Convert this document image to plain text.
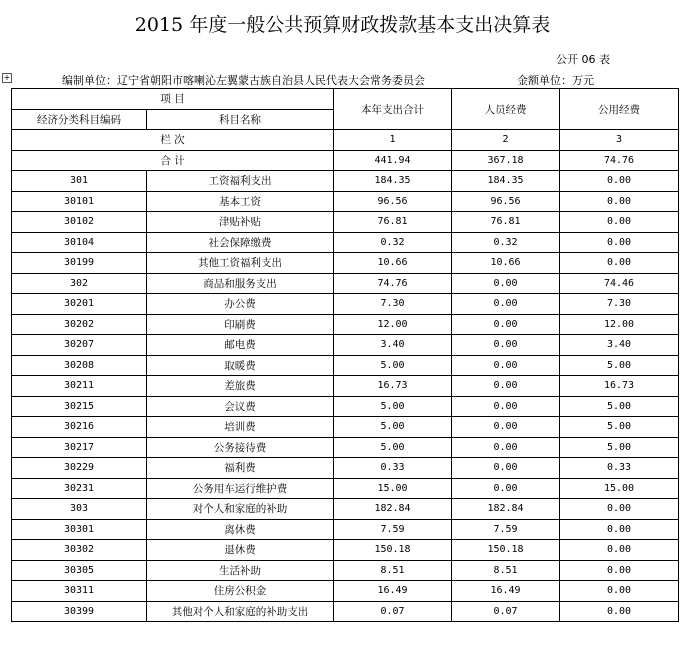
2015 年度一般公共预算财政拨款基本支出决算表
公开 06 表
+	编制单位：辽宁省朝阳市喀喇沁左翼蒙古族自治县人民代表大会常务委员会	金额单位：万元
项 目		本年支出合计	人员经费	公用经费
经济分类科目编码	科目名称			
栏 次		1	2	3
合 计		441.94	367.18	74.76
301	工资福利支出	184.35	184.35	0.00
30101	基本工资	96.56	96.56	0.00
30102	津贴补贴	76.81	76.81	0.00
30104	社会保障缴费	0.32	0.32	0.00
30199	其他工资福利支出	10.66	10.66	0.00
302	商品和服务支出	74.76	0.00	74.46
30201	办公费	7.30	0.00	7.30
30202	印刷费	12.00	0.00	12.00
30207	邮电费	3.40	0.00	3.40
30208	取暖费	5.00	0.00	5.00
30211	差旅费	16.73	0.00	16.73
30215	会议费	5.00	0.00	5.00
30216	培训费	5.00	0.00	5.00
30217	公务接待费	5.00	0.00	5.00
30229	福利费	0.33	0.00	0.33
30231	公务用车运行维护费	15.00	0.00	15.00
303	对个人和家庭的补助	182.84	182.84	0.00
30301	离休费	7.59	7.59	0.00
30302	退休费	150.18	150.18	0.00
30305	生活补助	8.51	8.51	0.00
30311	住房公积金	16.49	16.49	0.00
30399	其他对个人和家庭的补助支出	0.07	0.07	0.00
